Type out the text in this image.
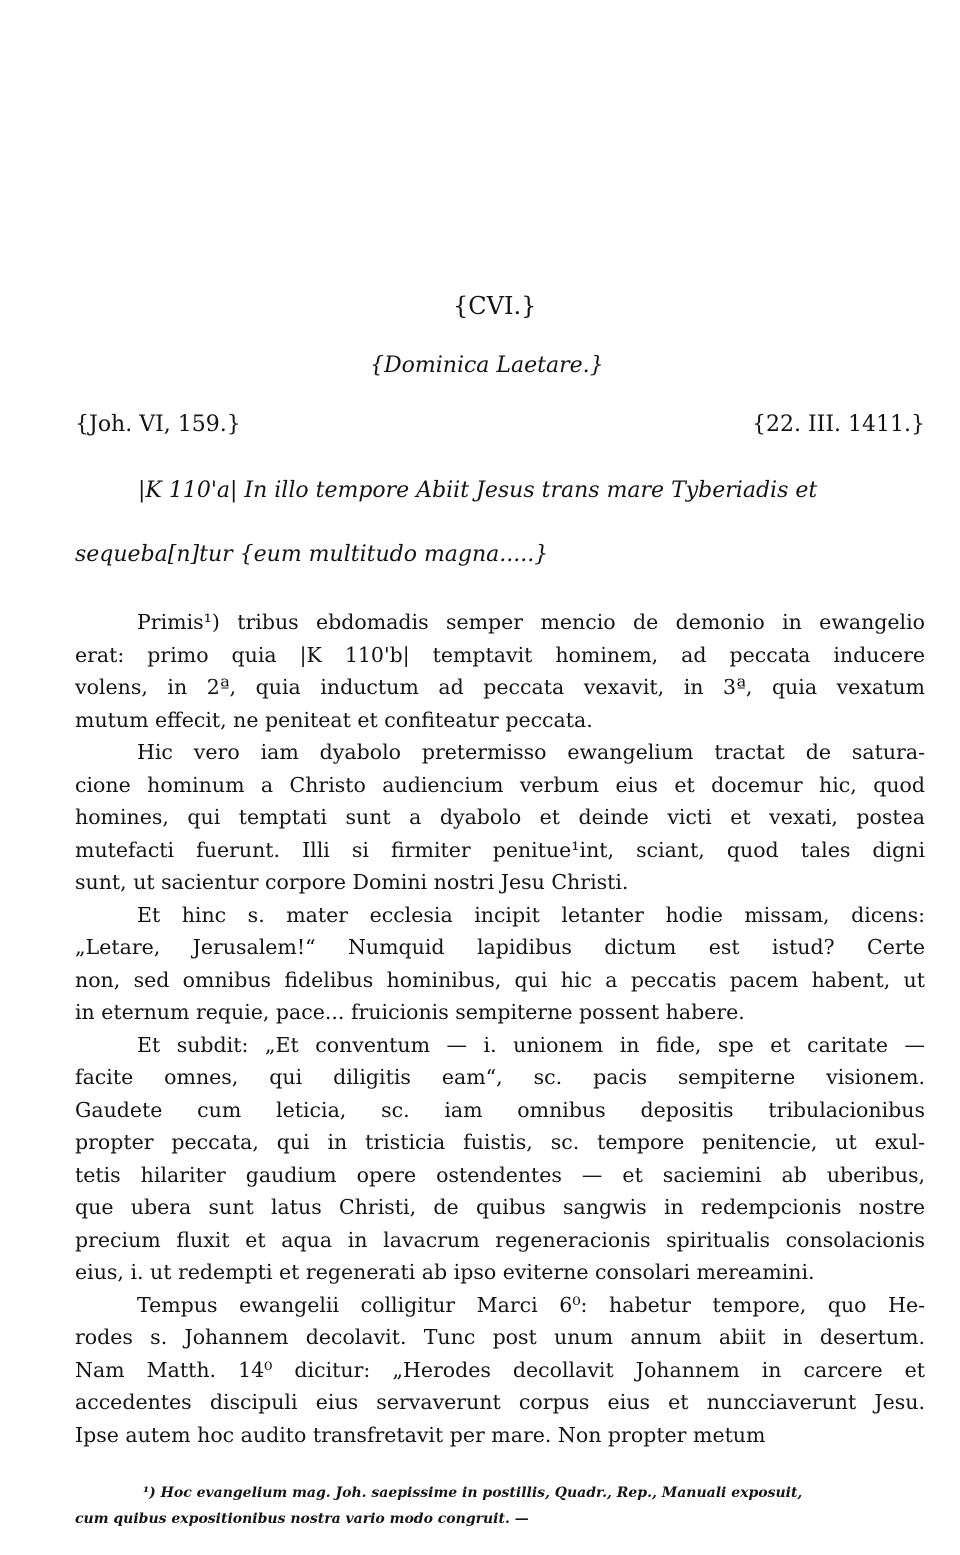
{CVI.}
{Dominica Laetare.}
{Joh. VI, 159.}	{22. III. 1411.}
|K 110'a| In illo tempore Abiit Jesus trans mare Tyberiadis et
sequeba[n]tur {eum multitudo magna.....}

Primis¹) tribus ebdomadis semper mencio de demonio in ewangelio
erat: primo quia |K 110'b| temptavit hominem, ad peccata inducere
volens, in 2ª, quia inductum ad peccata vexavit, in 3ª, quia vexatum
mutum effecit, ne peniteat et confiteatur peccata.

Hic vero iam dyabolo pretermisso ewangelium tractat de satura-
cione hominum a Christo audiencium verbum eius et docemur hic, quod
homines, qui temptati sunt a dyabolo et deinde victi et vexati, postea
mutefacti fuerunt. Illi si firmiter penitue¹int, sciant, quod tales digni
sunt, ut sacientur corpore Domini nostri Jesu Christi.

Et hinc s. mater ecclesia incipit letanter hodie missam, dicens:
„Letare, Jerusalem!“ Numquid lapidibus dictum est istud? Certe
non, sed omnibus fidelibus hominibus, qui hic a peccatis pacem habent, ut
in eternum requie, pace... fruicionis sempiterne possent habere.

Et subdit: „Et conventum — i. unionem in fide, spe et caritate —
facite omnes, qui diligitis eam“, sc. pacis sempiterne visionem.
Gaudete cum leticia, sc. iam omnibus depositis tribulacionibus
propter peccata, qui in tristicia fuistis, sc. tempore penitencie, ut exul-
tetis hilariter gaudium opere ostendentes — et saciemini ab uberibus,
que ubera sunt latus Christi, de quibus sangwis in redempcionis nostre
precium fluxit et aqua in lavacrum regeneracionis spiritualis consolacionis
eius, i. ut redempti et regenerati ab ipso eviterne consolari mereamini.

Tempus ewangelii colligitur Marci 6⁰: habetur tempore, quo He-
rodes s. Johannem decolavit. Tunc post unum annum abiit in desertum.
Nam Matth. 14⁰ dicitur: „Herodes decollavit Johannem in carcere et
accedentes discipuli eius servaverunt corpus eius et nuncciaverunt Jesu.
Ipse autem hoc audito transfretavit per mare. Non propter metum

¹) Hoc evangelium mag. Joh. saepissime in postillis, Quadr., Rep., Manuali exposuit,
cum quibus expositionibus nostra vario modo congruit. —
